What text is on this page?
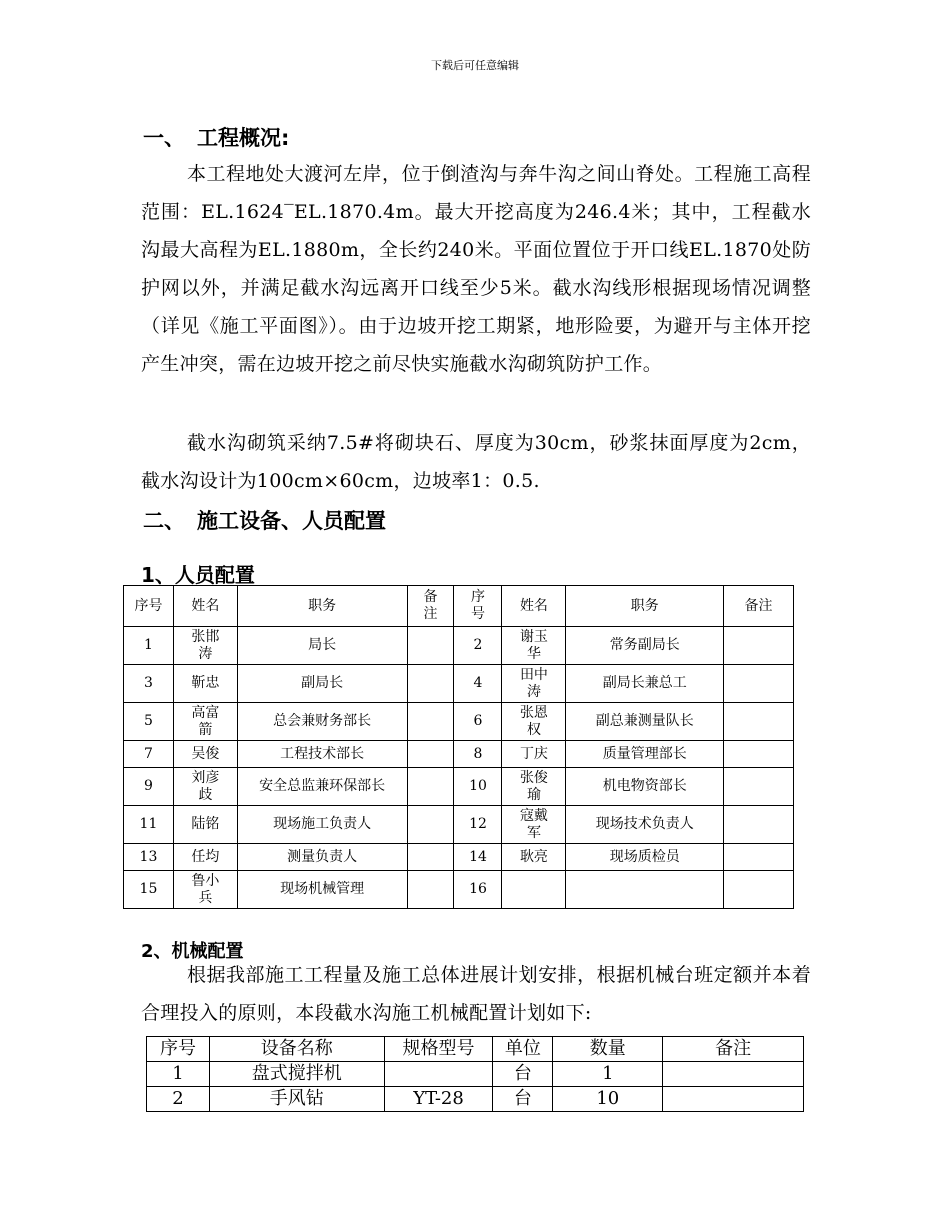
下载后可任意编辑
一、 工程概况:
本工程地处大渡河左岸，位于倒渣沟与奔牛沟之间山脊处。工程施工高程范围：EL.1624‾EL.1870.4m。最大开挖高度为246.4米；其中，工程截水沟最大高程为EL.1880m，全长约240米。平面位置位于开口线EL.1870处防护网以外，并满足截水沟远离开口线至少5米。截水沟线形根据现场情况调整（详见《施工平面图》）。由于边坡开挖工期紧，地形险要，为避开与主体开挖产生冲突，需在边坡开挖之前尽快实施截水沟砌筑防护工作。
截水沟砌筑采纳7.5#将砌块石、厚度为30cm，砂浆抹面厚度为2cm，截水沟设计为100cm×60cm，边坡率1：0.5.
二、 施工设备、人员配置
1、人员配置
序号	姓名	职务	备注	序号	姓名	职务	备注
1	张邯涛	局长		2	谢玉华	常务副局长	
3	靳忠	副局长		4	田中涛	副局长兼总工	
5	高富箭	总会兼财务部长		6	张恩权	副总兼测量队长	
7	吴俊	工程技术部长		8	丁庆	质量管理部长	
9	刘彦歧	安全总监兼环保部长		10	张俊瑜	机电物资部长	
11	陆铭	现场施工负责人		12	寇戴军	现场技术负责人	
13	任均	测量负责人		14	耿亮	现场质检员	
15	鲁小兵	现场机械管理		16			
2、机械配置
根据我部施工工程量及施工总体进展计划安排，根据机械台班定额并本着合理投入的原则，本段截水沟施工机械配置计划如下:
序号	设备名称	规格型号	单位	数量	备注
1	盘式搅拌机		台	1	
2	手风钻	YT-28	台	10	
